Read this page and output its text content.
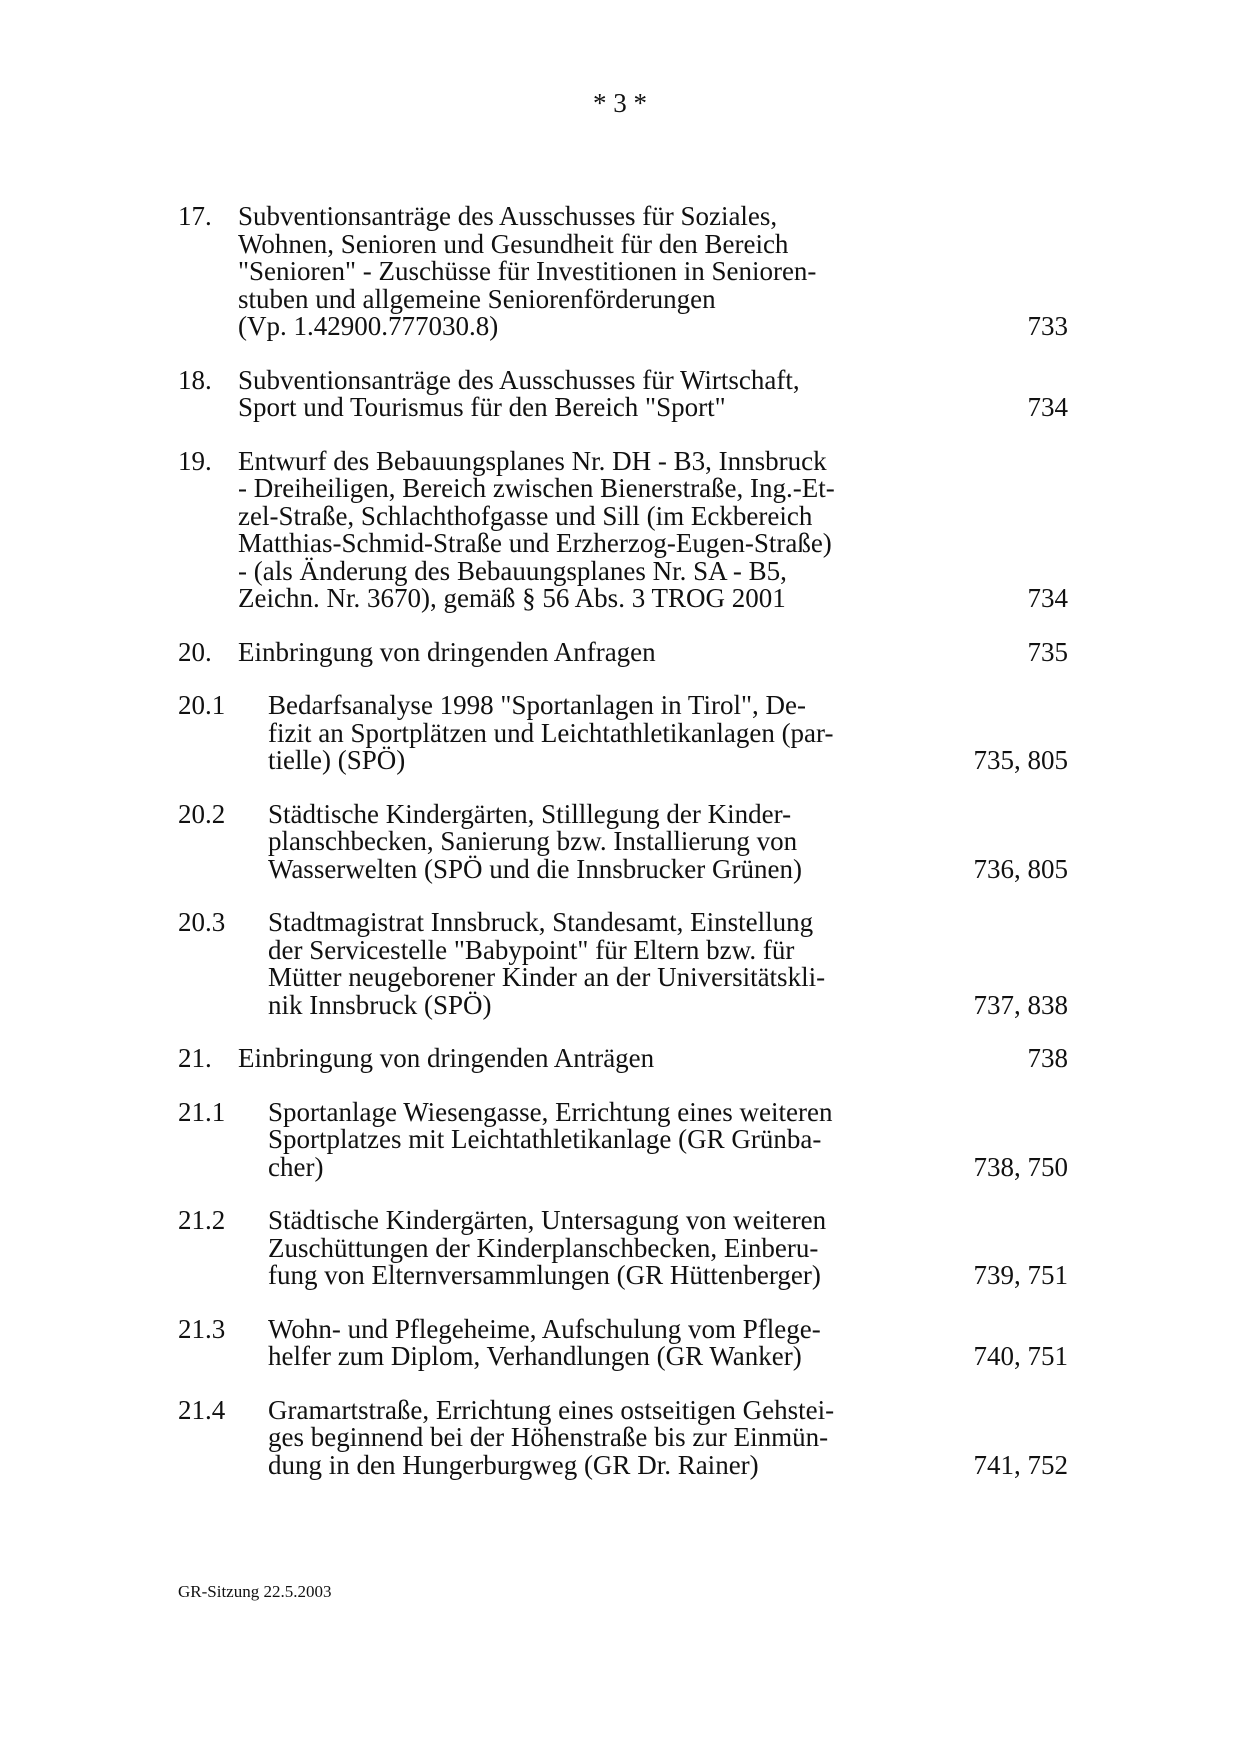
* 3 *
17. Subventionsanträge des Ausschusses für Soziales,
Wohnen, Senioren und Gesundheit für den Bereich
"Senioren" - Zuschüsse für Investitionen in Senioren-
stuben und allgemeine Seniorenförderungen
(Vp. 1.42900.777030.8)	733
18. Subventionsanträge des Ausschusses für Wirtschaft,
Sport und Tourismus für den Bereich "Sport"	734
19. Entwurf des Bebauungsplanes Nr. DH - B3, Innsbruck
- Dreiheiligen, Bereich zwischen Bienerstraße, Ing.-Et-
zel-Straße, Schlachthofgasse und Sill (im Eckbereich
Matthias-Schmid-Straße und Erzherzog-Eugen-Straße)
- (als Änderung des Bebauungsplanes Nr. SA - B5,
Zeichn. Nr. 3670), gemäß § 56 Abs. 3 TROG 2001	734
20. Einbringung von dringenden Anfragen	735
20.1 Bedarfsanalyse 1998 "Sportanlagen in Tirol", De-
fizit an Sportplätzen und Leichtathletikanlagen (par-
tielle) (SPÖ)	735, 805
20.2 Städtische Kindergärten, Stilllegung der Kinder-
planschbecken, Sanierung bzw. Installierung von
Wasserwelten (SPÖ und die Innsbrucker Grünen)	736, 805
20.3 Stadtmagistrat Innsbruck, Standesamt, Einstellung
der Servicestelle "Babypoint" für Eltern bzw. für
Mütter neugeborener Kinder an der Universitätskli-
nik Innsbruck (SPÖ)	737, 838
21. Einbringung von dringenden Anträgen	738
21.1 Sportanlage Wiesengasse, Errichtung eines weiteren
Sportplatzes mit Leichtathletikanlage (GR Grünba-
cher)	738, 750
21.2 Städtische Kindergärten, Untersagung von weiteren
Zuschüttungen der Kinderplanschbecken, Einberu-
fung von Elternversammlungen (GR Hüttenberger)	739, 751
21.3 Wohn- und Pflegeheime, Aufschulung vom Pflege-
helfer zum Diplom, Verhandlungen (GR Wanker)	740, 751
21.4 Gramartstraße, Errichtung eines ostseitigen Gehstei-
ges beginnend bei der Höhenstraße bis zur Einmün-
dung in den Hungerburgweg (GR Dr. Rainer)	741, 752
GR-Sitzung 22.5.2003
